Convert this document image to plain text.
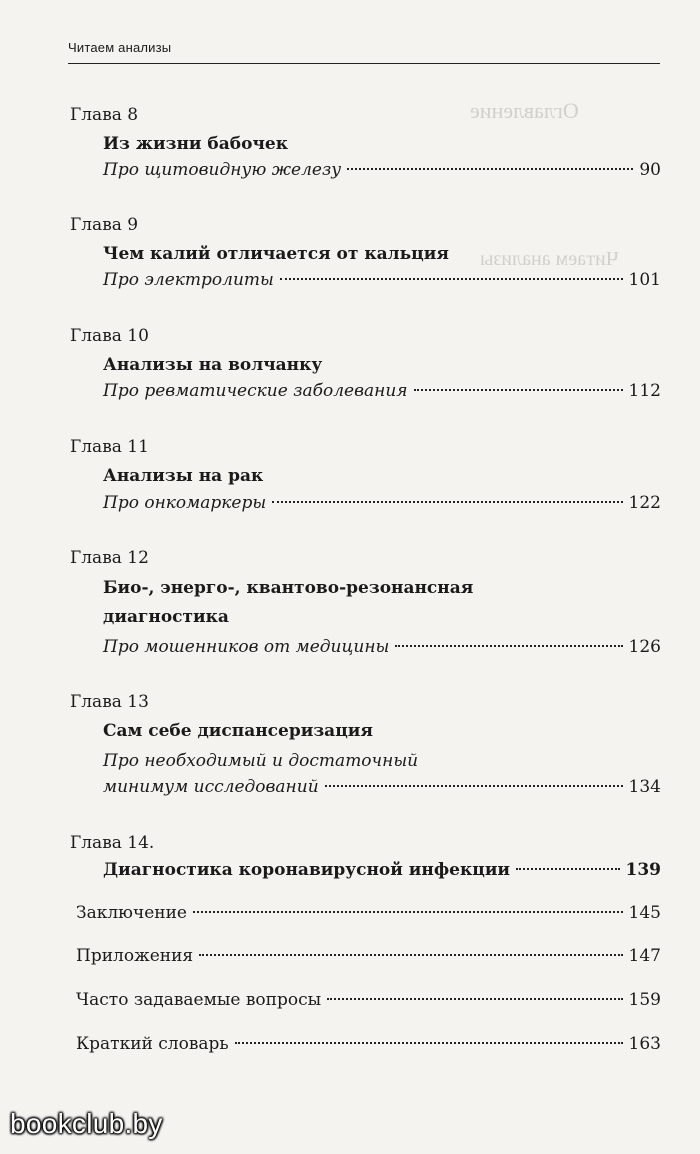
Оглавление
Читаем анализы
Читаем анализы
Глава 8
Из жизни бабочек
Про щитовидную железу	90
Глава 9
Чем калий отличается от кальция
Про электролиты	101
Глава 10
Анализы на волчанку
Про ревматические заболевания	112
Глава 11
Анализы на рак
Про онкомаркеры	122
Глава 12
Био-, энерго-, квантово-резонансная
диагностика
Про мошенников от медицины	126
Глава 13
Сам себе диспансеризация
Про необходимый и достаточный
минимум исследований	134
Глава 14.
Диагностика коронавирусной инфекции	139
Заключение	145
Приложения	147
Часто задаваемые вопросы	159
Краткий словарь	163
bookclub.by
